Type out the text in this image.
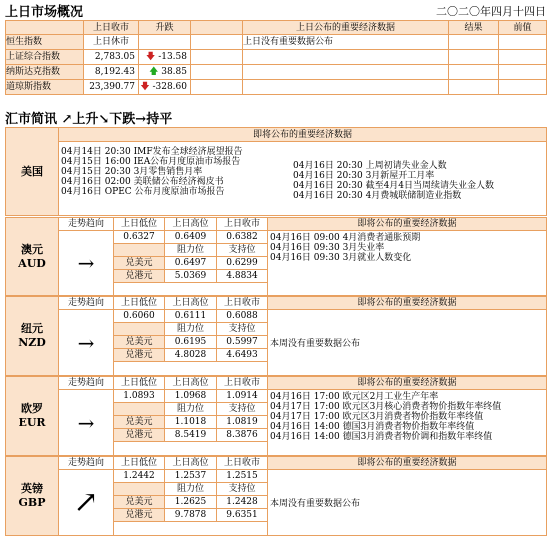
上日市场概况	二〇二〇年四月十四日
	上日收市	升跌		上日公布的重要经济数据	结果	前值
恒生指数	上日休市			上日没有重要数据公布		
上证综合指数	2,783.05	🡇 -13.58				
纳斯达克指数	8,192.43	🡅 38.85				
道琼斯指数	23,390.77	🡇 -328.60				
汇市简讯 ↗上升↘下跌→持平
美国	即将公布的重要经济数据

04月14日 20:30 IMF发布全球经济展望报告
04月15日 16:00 IEA公布月度原油市场报告
04月15日 20:30 3月零售销售月率
04月16日 02:00 美联储公布经济褐皮书
04月16日 OPEC 公布月度原油市场报告
04月16日 20:30 上周初请失业金人数
04月16日 20:30 3月新屋开工月率
04月16日 20:30 截至4月4日当周续请失业金人数
04月16日 20:30 4月费城联储制造业指数
澳元
AUD	走势趋向	上日低位	上日高位	上日收市	即将公布的重要经济数据
	→	0.6327	0.6409	0.6382	04月16日 09:00 4月消费者通胀预期
04月16日 09:30 3月失业率
04月16日 09:30 3月就业人数变化

			阻力位	支持位	
		兑美元	0.6497	0.6299	
		兑港元	5.0369	4.8834	

纽元
NZD	走势趋向	上日低位	上日高位	上日收市	即将公布的重要经济数据
	→	0.6060	0.6111	0.6088	本周没有重要数据公布

			阻力位	支持位	
		兑美元	0.6195	0.5997	
		兑港元	4.8028	4.6493	

欧罗
EUR	走势趋向	上日低位	上日高位	上日收市	即将公布的重要经济数据
	→	1.0893	1.0968	1.0914	04月16日 17:00 欧元区2月工业生产年率
04月17日 17:00 欧元区3月核心消费者物价指数年率终值
04月17日 17:00 欧元区3月消费者物价指数年率终值
04月16日 14:00 德国3月消费者物价指数年率终值
04月16日 14:00 德国3月消费者物价调和指数年率终值

			阻力位	支持位	
		兑美元	1.1018	1.0819	
		兑港元	8.5419	8.3876	

英镑
GBP	走势趋向	上日低位	上日高位	上日收市	即将公布的重要经济数据
	↗	1.2442	1.2537	1.2515	本周没有重要数据公布

			阻力位	支持位	
		兑美元	1.2625	1.2428	
		兑港元	9.7878	9.6351	
